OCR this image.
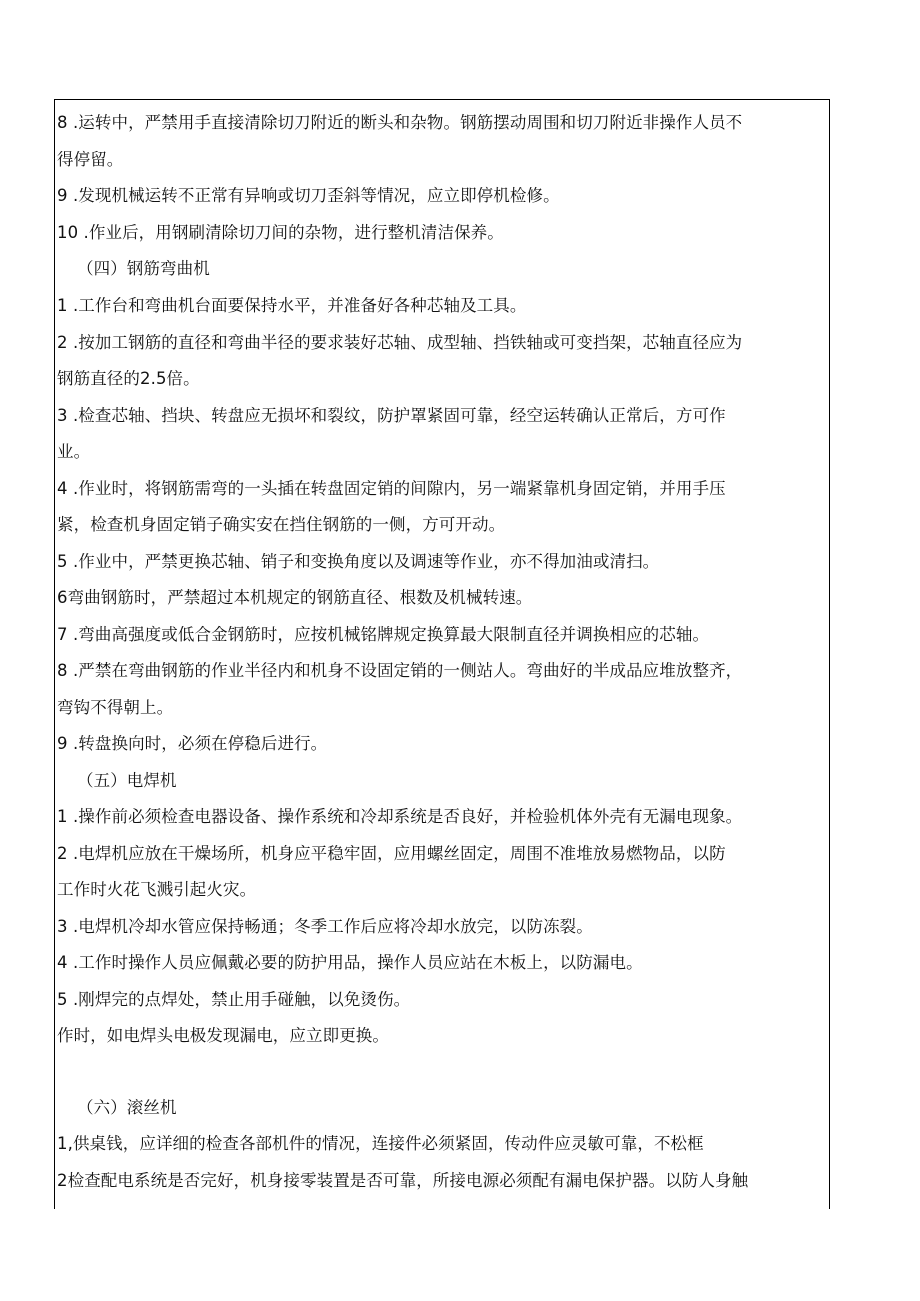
8 .运转中，严禁用手直接清除切刀附近的断头和杂物。钢筋摆动周围和切刀附近非操作人员不
得停留。
9 .发现机械运转不正常有异响或切刀歪斜等情况，应立即停机检修。
10 .作业后，用钢刷清除切刀间的杂物，进行整机清洁保养。
（四）钢筋弯曲机
1 .工作台和弯曲机台面要保持水平，并准备好各种芯轴及工具。
2 .按加工钢筋的直径和弯曲半径的要求装好芯轴、成型轴、挡铁轴或可变挡架，芯轴直径应为
钢筋直径的2.5倍。
3 .检查芯轴、挡块、转盘应无损坏和裂纹，防护罩紧固可靠，经空运转确认正常后，方可作
业。
4 .作业时，将钢筋需弯的一头插在转盘固定销的间隙内，另一端紧靠机身固定销，并用手压
紧，检查机身固定销子确实安在挡住钢筋的一侧，方可开动。
5 .作业中，严禁更换芯轴、销子和变换角度以及调速等作业，亦不得加油或清扫。
6弯曲钢筋时，严禁超过本机规定的钢筋直径、根数及机械转速。
7 .弯曲高强度或低合金钢筋时，应按机械铭牌规定换算最大限制直径并调换相应的芯轴。
8 .严禁在弯曲钢筋的作业半径内和机身不设固定销的一侧站人。弯曲好的半成品应堆放整齐，
弯钩不得朝上。
9 .转盘换向时，必须在停稳后进行。
（五）电焊机
1 .操作前必须检查电器设备、操作系统和冷却系统是否良好，并检验机体外壳有无漏电现象。
2 .电焊机应放在干燥场所，机身应平稳牢固，应用螺丝固定，周围不准堆放易燃物品，以防
工作时火花飞溅引起火灾。
3 .电焊机冷却水管应保持畅通；冬季工作后应将冷却水放完，以防冻裂。
4 .工作时操作人员应佩戴必要的防护用品，操作人员应站在木板上，以防漏电。
5 .刚焊完的点焊处，禁止用手碰触，以免烫伤。
作时，如电焊头电极发现漏电，应立即更换。
（六）滚丝机
1,供桌钱，应详细的检查各部机件的情况，连接件必须紧固，传动件应灵敏可靠，不松框
2检查配电系统是否完好，机身接零装置是否可靠，所接电源必须配有漏电保护器。以防人身触
